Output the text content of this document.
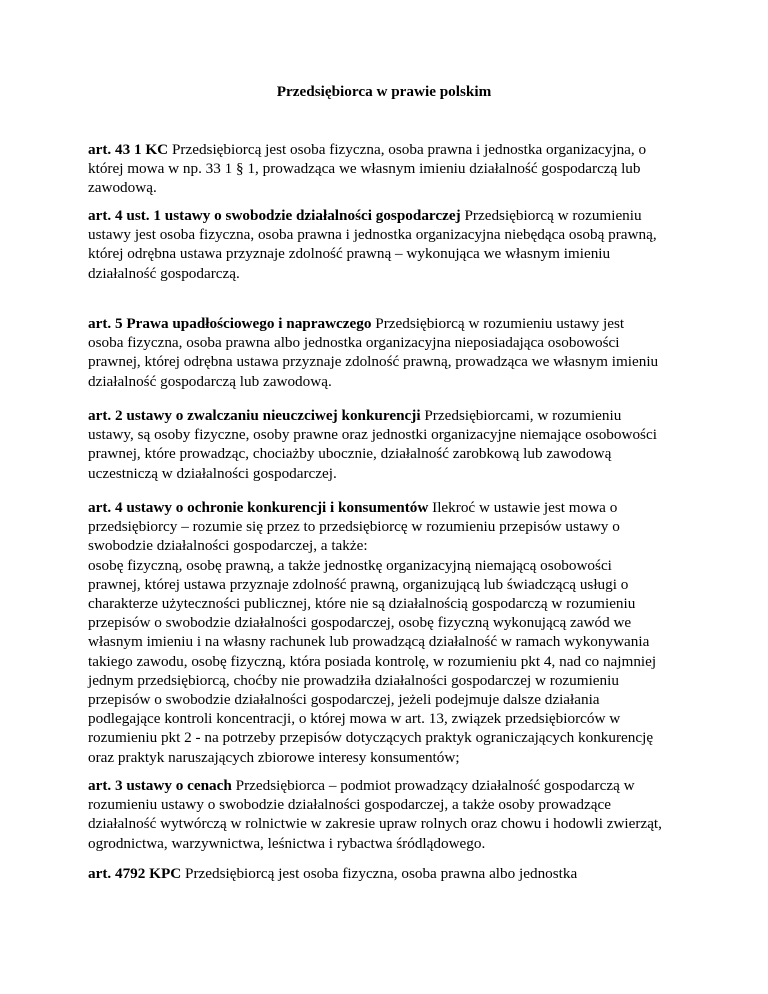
Przedsiębiorca w prawie polskim

art. 43 1 KC Przedsiębiorcą jest osoba fizyczna, osoba prawna i jednostka organizacyjna, o
której mowa w np. 33 1 § 1, prowadząca we własnym imieniu działalność gospodarczą lub
zawodową.

art. 4 ust. 1 ustawy o swobodzie działalności gospodarczej Przedsiębiorcą w rozumieniu
ustawy jest osoba fizyczna, osoba prawna i jednostka organizacyjna niebędąca osobą prawną,
której odrębna ustawa przyznaje zdolność prawną – wykonująca we własnym imieniu
działalność gospodarczą.

art. 5 Prawa upadłościowego i naprawczego Przedsiębiorcą w rozumieniu ustawy jest
osoba fizyczna, osoba prawna albo jednostka organizacyjna nieposiadająca osobowości
prawnej, której odrębna ustawa przyznaje zdolność prawną, prowadząca we własnym imieniu
działalność gospodarczą lub zawodową.

art. 2 ustawy o zwalczaniu nieuczciwej konkurencji Przedsiębiorcami, w rozumieniu
ustawy, są osoby fizyczne, osoby prawne oraz jednostki organizacyjne niemające osobowości
prawnej, które prowadząc, chociażby ubocznie, działalność zarobkową lub zawodową
uczestniczą w działalności gospodarczej.

art. 4 ustawy o ochronie konkurencji i konsumentów Ilekroć w ustawie jest mowa o
przedsiębiorcy – rozumie się przez to przedsiębiorcę w rozumieniu przepisów ustawy o
swobodzie działalności gospodarczej, a także:
osobę fizyczną, osobę prawną, a także jednostkę organizacyjną niemającą osobowości
prawnej, której ustawa przyznaje zdolność prawną, organizującą lub świadczącą usługi o
charakterze użyteczności publicznej, które nie są działalnością gospodarczą w rozumieniu
przepisów o swobodzie działalności gospodarczej, osobę fizyczną wykonującą zawód we
własnym imieniu i na własny rachunek lub prowadzącą działalność w ramach wykonywania
takiego zawodu, osobę fizyczną, która posiada kontrolę, w rozumieniu pkt 4, nad co najmniej
jednym przedsiębiorcą, choćby nie prowadziła działalności gospodarczej w rozumieniu
przepisów o swobodzie działalności gospodarczej, jeżeli podejmuje dalsze działania
podlegające kontroli koncentracji, o której mowa w art. 13, związek przedsiębiorców w
rozumieniu pkt 2 - na potrzeby przepisów dotyczących praktyk ograniczających konkurencję
oraz praktyk naruszających zbiorowe interesy konsumentów;

art. 3 ustawy o cenach Przedsiębiorca – podmiot prowadzący działalność gospodarczą w
rozumieniu ustawy o swobodzie działalności gospodarczej, a także osoby prowadzące
działalność wytwórczą w rolnictwie w zakresie upraw rolnych oraz chowu i hodowli zwierząt,
ogrodnictwa, warzywnictwa, leśnictwa i rybactwa śródlądowego.

art. 4792 KPC Przedsiębiorcą jest osoba fizyczna, osoba prawna albo jednostka
